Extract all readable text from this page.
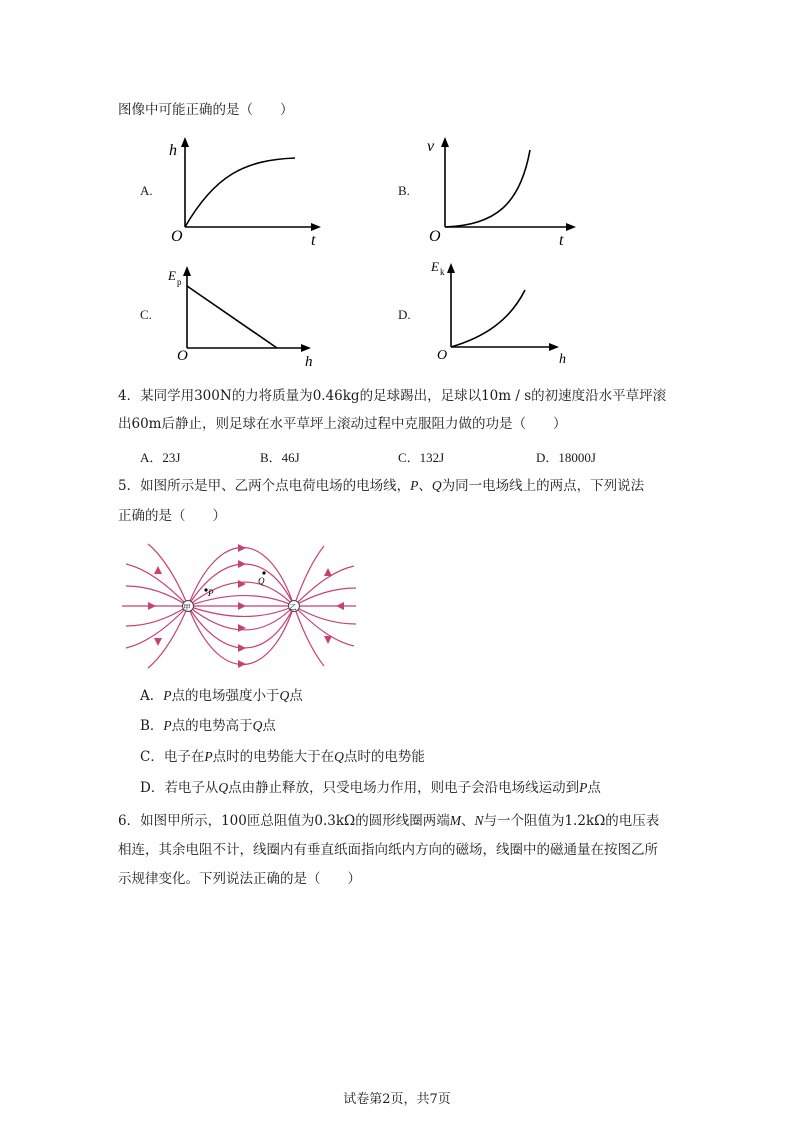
图像中可能正确的是（　　）
A.
h
t
O
B.
v
t
O
C.
E p
h
O
D.
E k
h
O
4．某同学用300N的力将质量为0.46kg的足球踢出，足球以10m / s的初速度沿水平草坪滚
出60m后静止，则足球在水平草坪上滚动过程中克服阻力做的功是（　　）
A．23J	B．46J	C．132J	D．18000J
5．如图所示是甲、乙两个点电荷电场的电场线，P、Q为同一电场线上的两点，下列说法
正确的是（　　）
甲	乙
P
Q
A．P点的电场强度小于Q点
B．P点的电势高于Q点
C．电子在P点时的电势能大于在Q点时的电势能
D．若电子从Q点由静止释放，只受电场力作用，则电子会沿电场线运动到P点
6．如图甲所示，100匝总阻值为0.3kΩ的圆形线圈两端M、N与一个阻值为1.2kΩ的电压表
相连，其余电阻不计，线圈内有垂直纸面指向纸内方向的磁场，线圈中的磁通量在按图乙所
示规律变化。下列说法正确的是（　　）
试卷第2页，共7页
